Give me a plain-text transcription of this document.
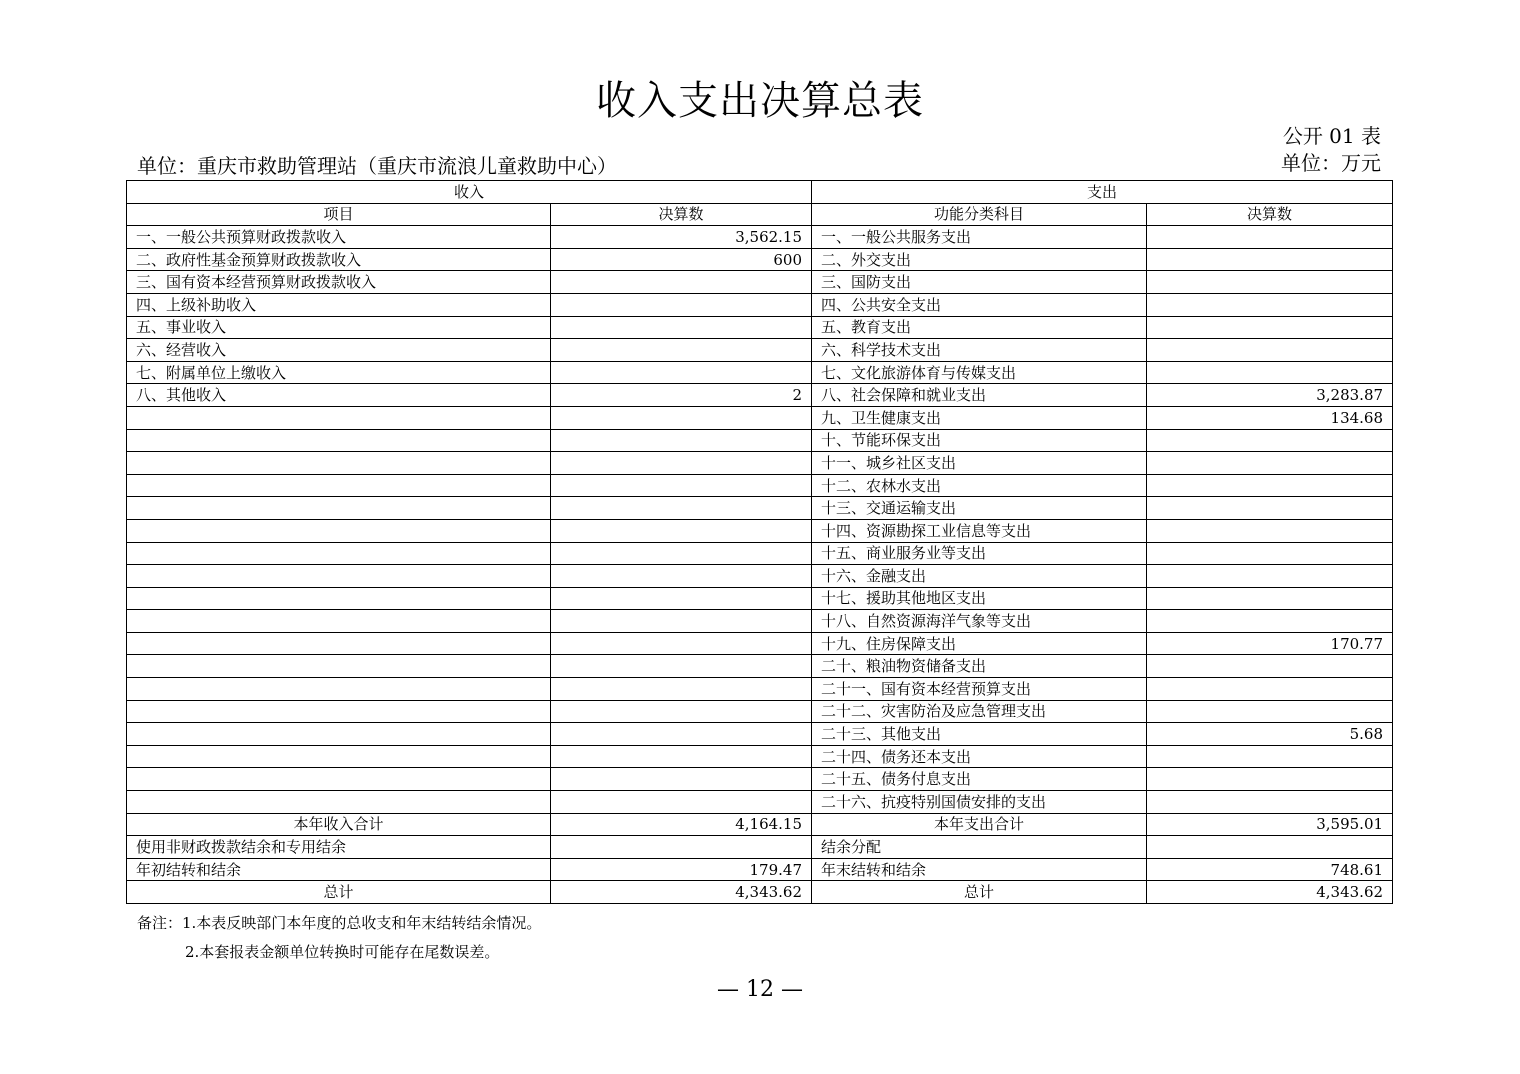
收入支出决算总表
公开 01 表
单位：重庆市救助管理站（重庆市流浪儿童救助中心）	单位：万元
收入		支出	
项目	决算数	功能分类科目	决算数
一、一般公共预算财政拨款收入	3,562.15	一、一般公共服务支出	
二、政府性基金预算财政拨款收入	600	二、外交支出	
三、国有资本经营预算财政拨款收入		三、国防支出	
四、上级补助收入		四、公共安全支出	
五、事业收入		五、教育支出	
六、经营收入		六、科学技术支出	
七、附属单位上缴收入		七、文化旅游体育与传媒支出	
八、其他收入	2	八、社会保障和就业支出	3,283.87
		九、卫生健康支出	134.68
		十、节能环保支出	
		十一、城乡社区支出	
		十二、农林水支出	
		十三、交通运输支出	
		十四、资源勘探工业信息等支出	
		十五、商业服务业等支出	
		十六、金融支出	
		十七、援助其他地区支出	
		十八、自然资源海洋气象等支出	
		十九、住房保障支出	170.77
		二十、粮油物资储备支出	
		二十一、国有资本经营预算支出	
		二十二、灾害防治及应急管理支出	
		二十三、其他支出	5.68
		二十四、债务还本支出	
		二十五、债务付息支出	
		二十六、抗疫特别国债安排的支出	
本年收入合计	4,164.15	本年支出合计	3,595.01
使用非财政拨款结余和专用结余		结余分配	
年初结转和结余	179.47	年末结转和结余	748.61
总计	4,343.62	总计	4,343.62
备注：1.本表反映部门本年度的总收支和年末结转结余情况。
2.本套报表金额单位转换时可能存在尾数误差。
— 12 —
